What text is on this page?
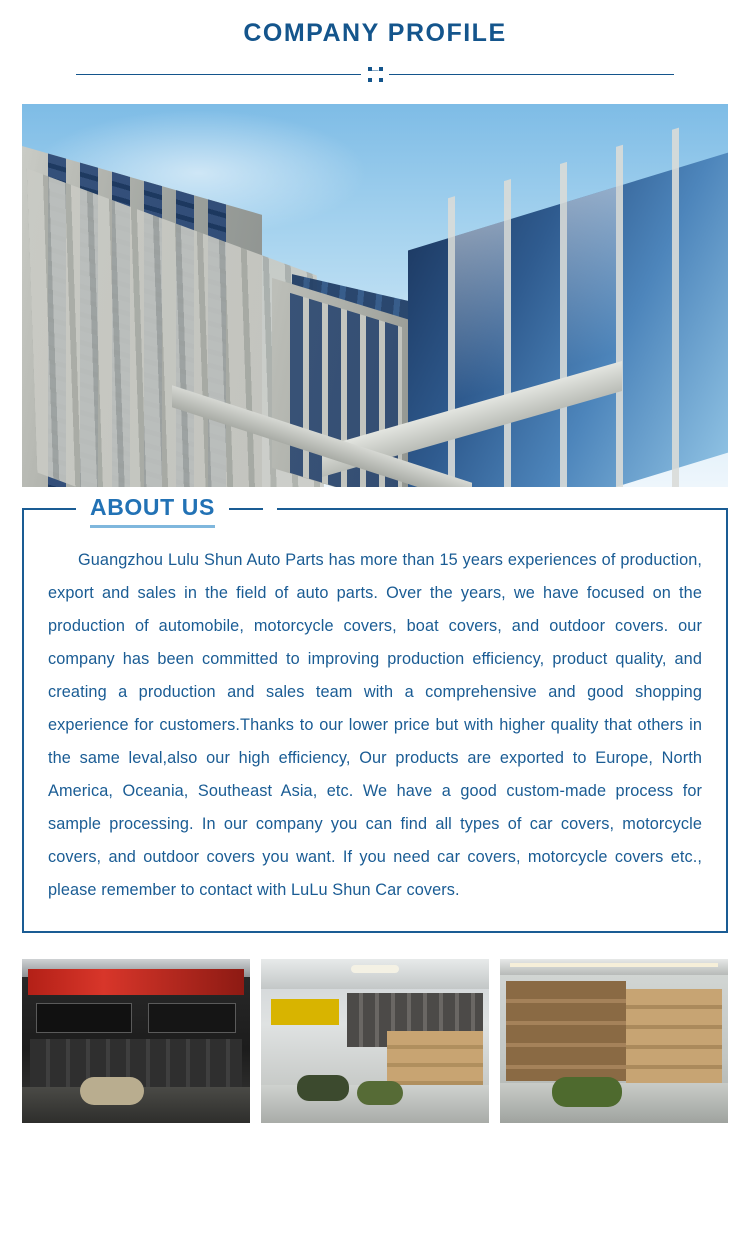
COMPANY PROFILE
ABOUT US

Guangzhou Lulu Shun Auto Parts has more than 15 years experiences of production, export and sales in the field of auto parts. Over the years, we have focused on the production of automobile, motorcycle covers, boat covers, and outdoor covers. our company has been committed to improving production efficiency, product quality, and creating a production and sales team with a comprehensive and good shopping experience for customers.Thanks to our lower price but with higher quality that others in the same leval,also our high efficiency, Our products are exported to Europe, North America, Oceania, Southeast Asia, etc. We have a good custom-made process for sample processing. In our company you can find all types of car covers, motorcycle covers, and outdoor covers you want. If you need car covers, motorcycle covers etc., please remember to contact with LuLu Shun Car covers.
